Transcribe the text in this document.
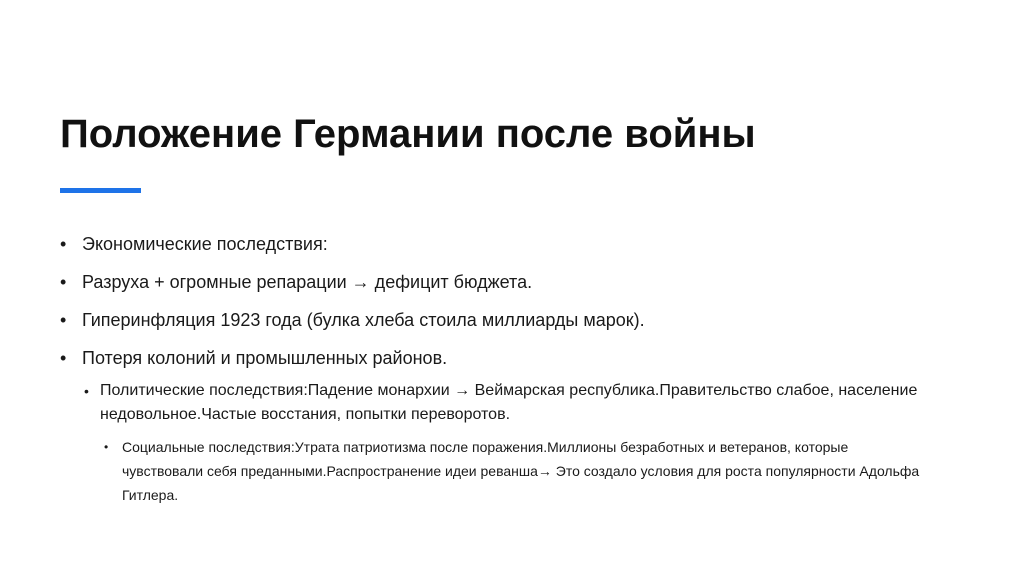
Положение Германии после войны
• Экономические последствия:
• Разруха + огромные репарации → дефицит бюджета.
• Гиперинфляция 1923 года (булка хлеба стоила миллиарды марок).
• Потеря колоний и промышленных районов.
• Политические последствия:Падение монархии → Веймарская республика.Правительство слабое, население недовольное.Частые восстания, попытки переворотов.
• Социальные последствия:Утрата патриотизма после поражения.Миллионы безработных и ветеранов, которые чувствовали себя преданными.Распространение идеи реванша→ Это создало условия для роста популярности Адольфа Гитлера.
